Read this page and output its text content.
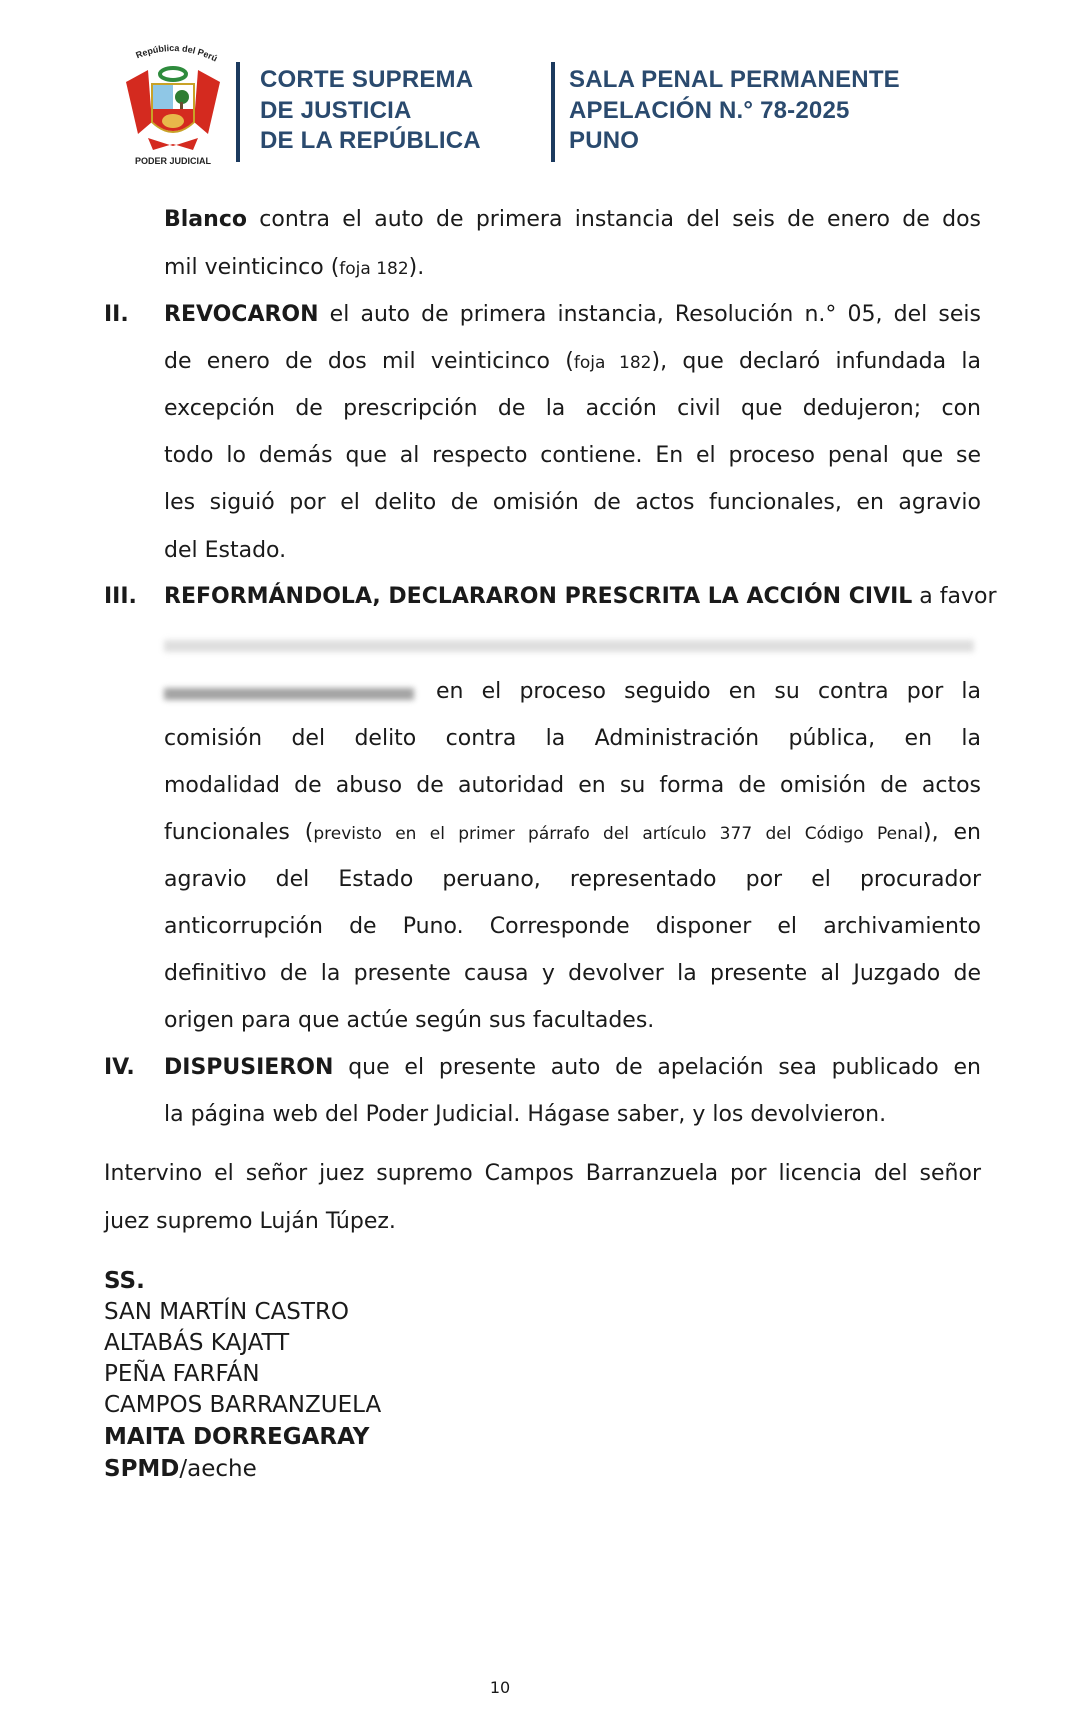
República del Perú
PODER JUDICIAL
CORTE SUPREMA
DE JUSTICIA
DE LA REPÚBLICA
SALA PENAL PERMANENTE
APELACIÓN N.° 78-2025
PUNO
II.
III.
IV.
Blanco contra el auto de primera instancia del seis de enero de dos
mil veinticinco (foja 182).
REVOCARON el auto de primera instancia, Resolución n.° 05, del seis
de enero de dos mil veinticinco (foja 182), que declaró infundada la
excepción de prescripción de la acción civil que dedujeron; con
todo lo demás que al respecto contiene. En el proceso penal que se
les siguió por el delito de omisión de actos funcionales, en agravio
del Estado.
REFORMÁNDOLA, DECLARARON PRESCRITA LA ACCIÓN CIVIL a favor
en el proceso seguido en su contra por la
comisión del delito contra la Administración pública, en la
modalidad de abuso de autoridad en su forma de omisión de actos
funcionales (previsto en el primer párrafo del artículo 377 del Código Penal), en
agravio del Estado peruano, representado por el procurador
anticorrupción de Puno. Corresponde disponer el archivamiento
definitivo de la presente causa y devolver la presente al Juzgado de
origen para que actúe según sus facultades.
DISPUSIERON que el presente auto de apelación sea publicado en
la página web del Poder Judicial. Hágase saber, y los devolvieron.
Intervino el señor juez supremo Campos Barranzuela por licencia del señor
juez supremo Luján Túpez.
SS.
SAN MARTÍN CASTRO
ALTABÁS KAJATT
PEÑA FARFÁN
CAMPOS BARRANZUELA
MAITA DORREGARAY
SPMD/aeche
10
